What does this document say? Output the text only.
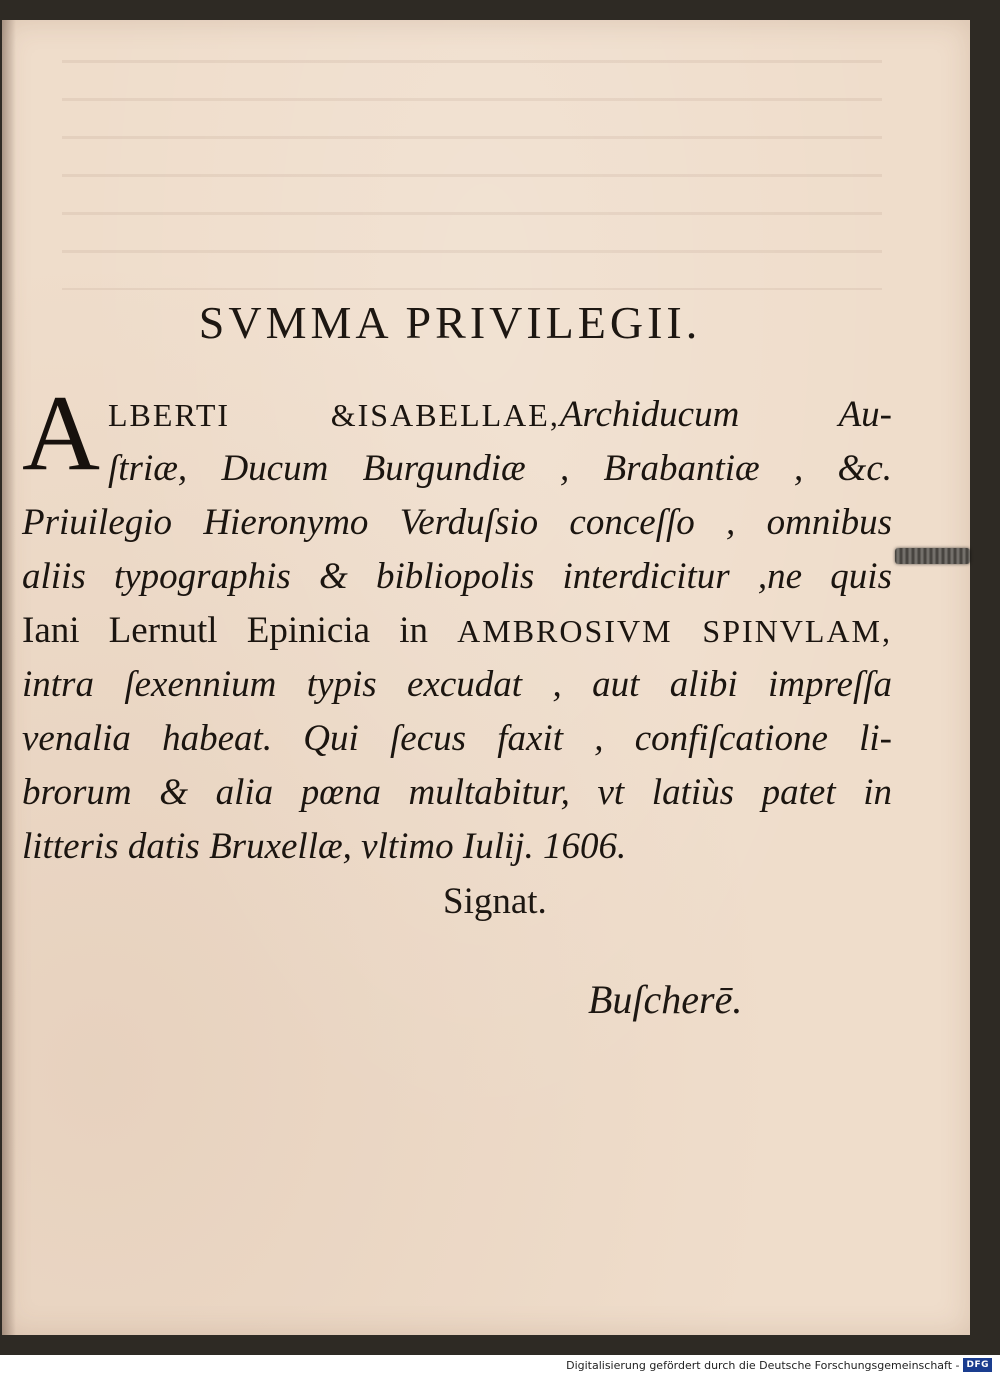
SVMMA PRIVILEGII.
A LBERTI &ISABELLAE,Archiducum Au-
ſtriæ, Ducum Burgundiæ , Brabantiæ , &c.
Priuilegio Hieronymo Verduſsio conceſſo , omnibus
aliis typographis & bibliopolis interdicitur ,ne quis
Iani Lernutl Epinicia in AMBROSIVM SPINVLAM,
intra ſexennium typis excudat , aut alibi impreſſa
venalia habeat. Qui ſecus faxit , confiſcatione li-
brorum & alia pœna multabitur, vt latiùs patet in
litteris datis Bruxellæ, vltimo Iulij. 1606.
Signat.
Buſcherē.
Digitalisierung gefördert durch die Deutsche Forschungsgemeinschaft - DFG
